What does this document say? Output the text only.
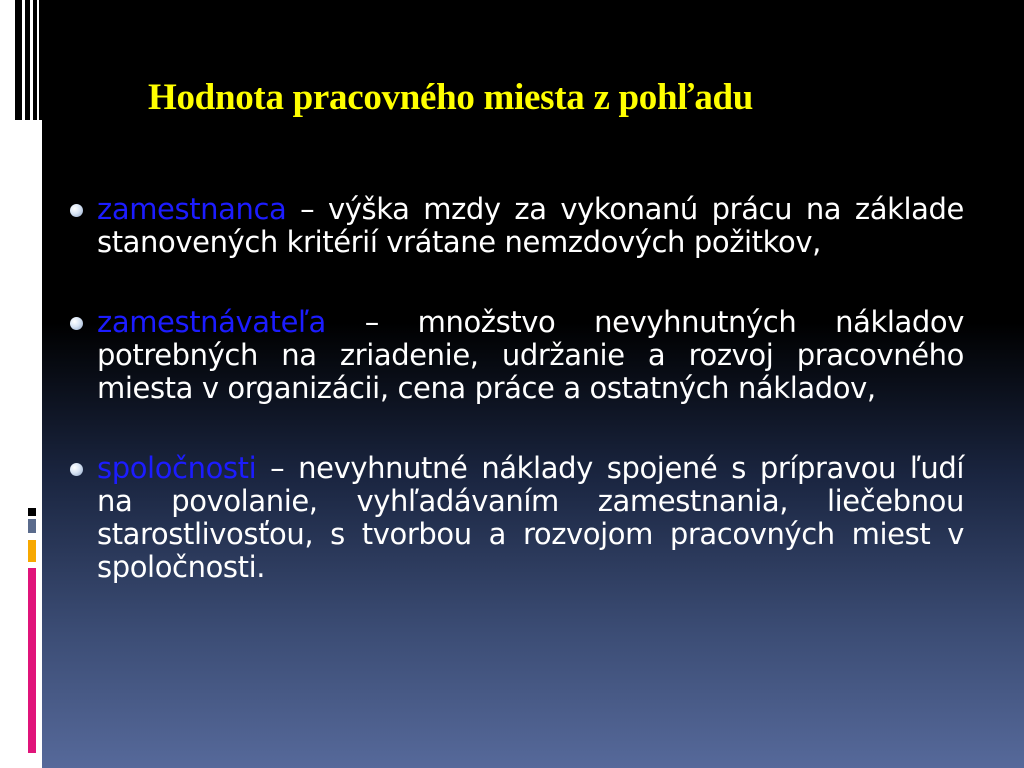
Hodnota pracovného miesta z pohľadu
zamestnanca – výška mzdy za vykonanú prácu na základe stanovených kritérií vrátane nemzdových požitkov,
zamestnávateľa – množstvo nevyhnutných nákladov potrebných na zriadenie, udržanie a rozvoj pracovného miesta v organizácii, cena práce a ostatných nákladov,
spoločnosti – nevyhnutné náklady spojené s prípravou ľudí na povolanie, vyhľadávaním zamestnania, liečebnou starostlivosťou, s tvorbou a rozvojom pracovných miest v spoločnosti.
